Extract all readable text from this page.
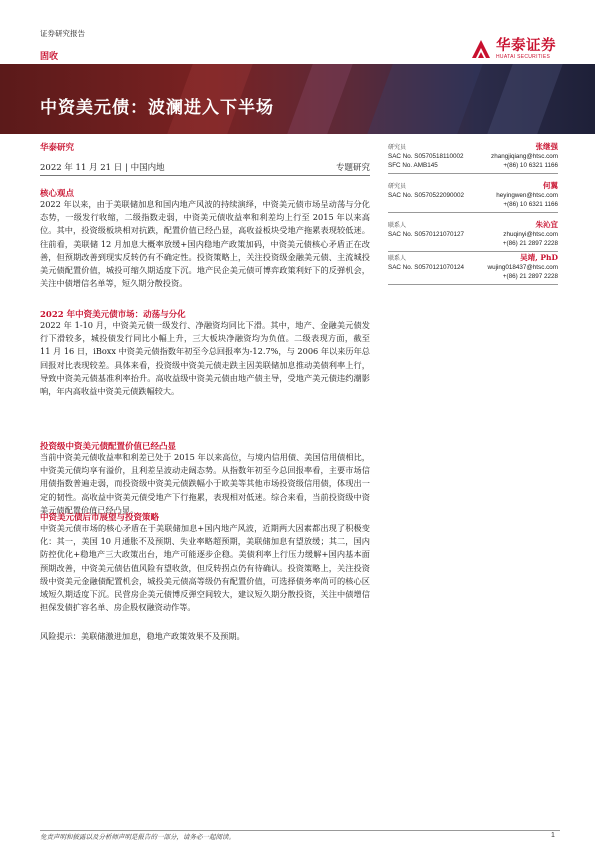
证券研究报告
华泰证券
HUATAI SECURITIES
固收
中资美元债：波澜进入下半场
华泰研究
2022 年 11 月 21 日 | 中国内地	专题研究
核心观点

2022 年以来，由于美联储加息和国内地产风波的持续演绎，中资美元债市场呈动荡与分化态势，一级发行收缩，二级指数走弱，中资美元债收益率和利差均上行至 2015 年以来高位。其中，投资级板块相对抗跌，配置价值已经凸显，高收益板块受地产拖累表现较低迷。往前看，美联储 12 月加息大概率放缓+国内稳地产政策加码，中资美元债核心矛盾正在改善，但预期改善到现实反转仍有不确定性。投资策略上，关注投资级金融美元债、主流城投美元债配置价值，城投可缩久期适度下沉。地产民企美元债可博弈政策利好下的反弹机会，关注中债增信名单等，短久期分散投资。

2022 年中资美元债市场：动荡与分化

2022 年 1-10 月，中资美元债一级发行、净融资均同比下滑。其中，地产、金融美元债发行下滑较多，城投债发行同比小幅上升，三大板块净融资均为负值。二级表现方面，截至 11 月 16 日，iBoxx 中资美元债指数年初至今总回报率为-12.7%，与 2006 年以来历年总回报对比表现较差。具体来看，投资级中资美元债走跌主因美联储加息推动美债利率上行，导致中资美元债基准利率抬升。高收益级中资美元债由地产债主导，受地产美元债违约潮影响，年内高收益中资美元债跌幅较大。

投资级中资美元债配置价值已经凸显

当前中资美元债收益率和利差已处于 2015 年以来高位，与境内信用债、美国信用债相比，中资美元债均享有溢价，且利差呈波动走阔态势。从指数年初至今总回报率看，主要市场信用债指数普遍走弱，而投资级中资美元债跌幅小于欧美等其他市场投资级信用债，体现出一定的韧性。高收益中资美元债受地产下行拖累，表现相对低迷。综合来看，当前投资级中资美元债配置价值已经凸显。

中资美元债后市展望与投资策略

中资美元债市场的核心矛盾在于美联储加息+国内地产风波，近期两大因素都出现了积极变化：其一，美国 10 月通胀不及预期、失业率略超预期，美联储加息有望放缓；其二，国内防控优化+稳地产三大政策出台，地产可能逐步企稳。美债利率上行压力缓解+国内基本面预期改善，中资美元债估值风险有望收敛，但反转拐点仍有待确认。投资策略上，关注投资级中资美元金融债配置机会，城投美元债高等级仍有配置价值，可选择债务率尚可的核心区域短久期适度下沉。民营房企美元债博反弹空间较大，建议短久期分散投资，关注中债增信担保发债扩容名单、房企股权融资动作等。

风险提示：美联储激进加息，稳地产政策效果不及预期。

研究员	张继强
SAC No. S0570518110002	zhangjiqiang@htsc.com
SFC No. AMB145	+(86) 10 6321 1166
研究员	何翼
SAC No. S0570522090002	heyingwen@htsc.com
+(86) 10 6321 1166
联系人	朱沁宜
SAC No. S0570121070127	zhuqinyi@htsc.com
+(86) 21 2897 2228
联系人	吴靖, PhD
SAC No. S0570121070124	wujing018437@htsc.com
+(86) 21 2897 2228
免责声明和披露以及分析师声明是报告的一部分，请务必一起阅读。	1
